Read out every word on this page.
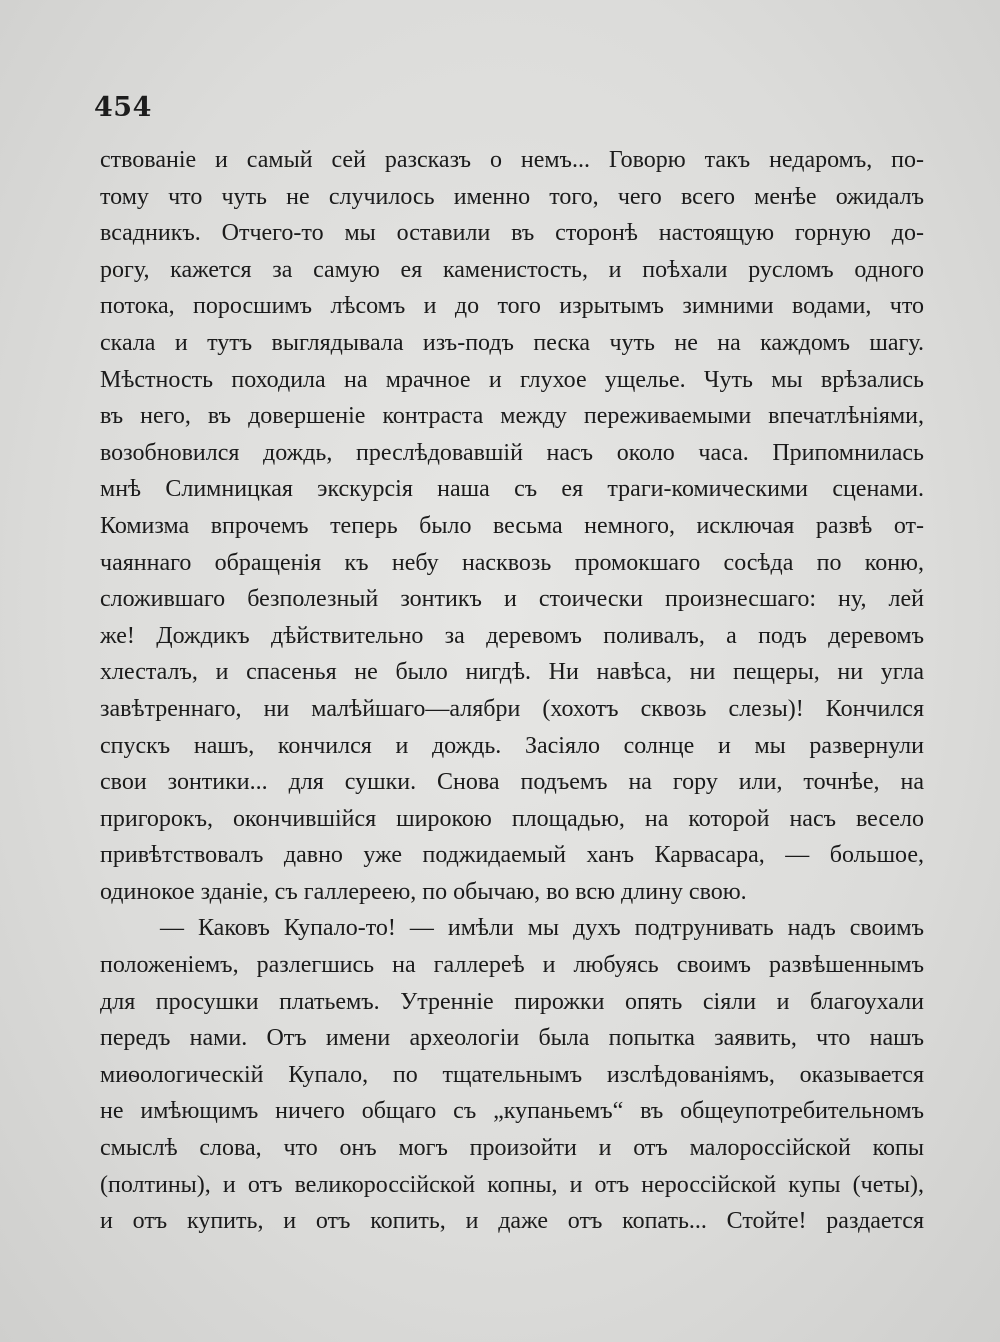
454
ствованіе и самый сей разсказъ о немъ... Говорю такъ недаромъ, по-
тому что чуть не случилось именно того, чего всего менѣе ожидалъ
всадникъ. Отчего-то мы оставили въ сторонѣ настоящую горную до-
рогу, кажется за самую ея каменистость, и поѣхали русломъ одного
потока, поросшимъ лѣсомъ и до того изрытымъ зимними водами, что
скала и тутъ выглядывала изъ-подъ песка чуть не на каждомъ шагу.
Мѣстность походила на мрачное и глухое ущелье. Чуть мы врѣзались
въ него, въ довершеніе контраста между переживаемыми впечатлѣніями,
возобновился дождь, преслѣдовавшій насъ около часа. Припомнилась
мнѣ Слимницкая экскурсія наша съ ея траги-комическими сценами.
Комизма впрочемъ теперь было весьма немного, исключая развѣ от-
чаяннаго обращенія къ небу насквозь промокшаго сосѣда по коню,
сложившаго безполезный зонтикъ и стоически произнесшаго: ну, лей
же! Дождикъ дѣйствительно за деревомъ поливалъ, а подъ деревомъ
хлесталъ, и спасенья не было нигдѣ. Ни навѣса, ни пещеры, ни угла
завѣтреннаго, ни малѣйшаго—алябри (хохотъ сквозь слезы)! Кончился
спускъ нашъ, кончился и дождь. Засіяло солнце и мы развернули
свои зонтики... для сушки. Снова подъемъ на гору или, точнѣе, на
пригорокъ, окончившійся широкою площадью, на которой насъ весело
привѣтствовалъ давно уже поджидаемый ханъ Карвасара, — большое,
одинокое зданіе, съ галлереею, по обычаю, во всю длину свою.
— Каковъ Купало-то! — имѣли мы духъ подтрунивать надъ своимъ
положеніемъ, разлегшись на галлереѣ и любуясь своимъ развѣшеннымъ
для просушки платьемъ. Утренніе пирожки опять сіяли и благоухали
передъ нами. Отъ имени археологіи была попытка заявить, что нашъ
миѳологическій Купало, по тщательнымъ изслѣдованіямъ, оказывается
не имѣющимъ ничего общаго съ „купаньемъ“ въ общеупотребительномъ
смыслѣ слова, что онъ могъ произойти и отъ малороссійской копы
(полтины), и отъ великороссійской копны, и отъ нероссійской купы (четы),
и отъ купить, и отъ копить, и даже отъ копать... Стойте! раздается
